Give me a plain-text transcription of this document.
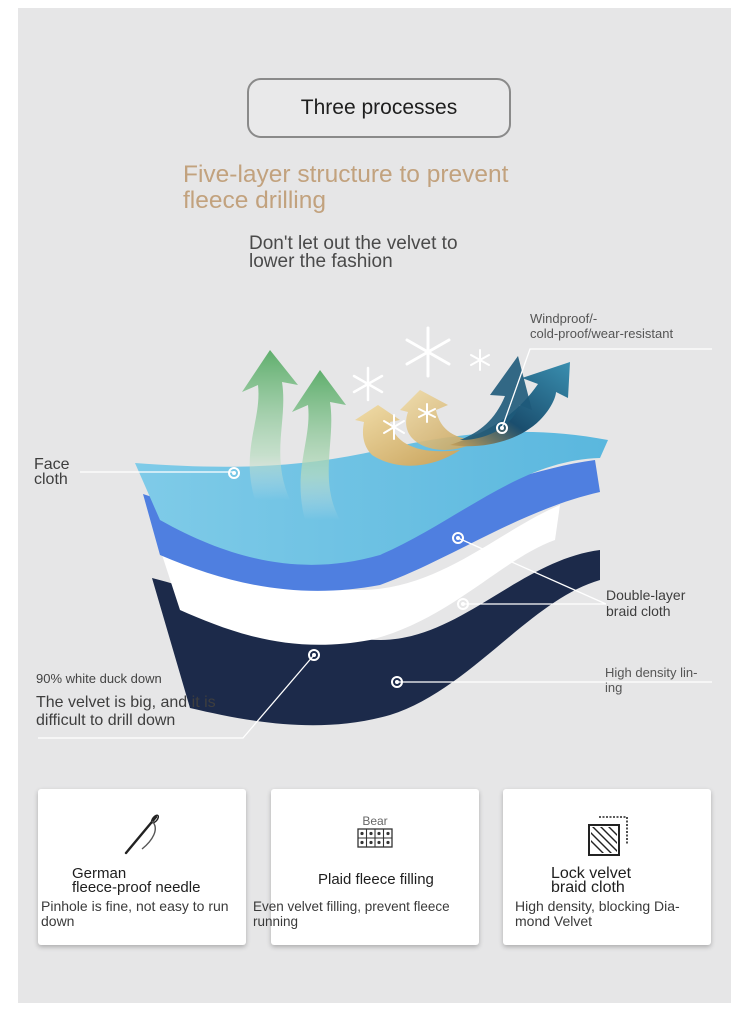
Three processes
Five-layer structure to prevent
fleece drilling
Don't let out the velvet to
lower the fashion
Windproof/-
cold-proof/wear-resistant
Face
cloth
Double-layer
braid cloth
90% white duck down
The velvet is big, and it is
difficult to drill down
High density lin-
ing
German
fleece-proof needle
Pinhole is fine, not easy to run
down
Bear
Plaid fleece filling
Even velvet filling, prevent fleece
running
Lock velvet
braid cloth
High density, blocking Dia-
mond Velvet
